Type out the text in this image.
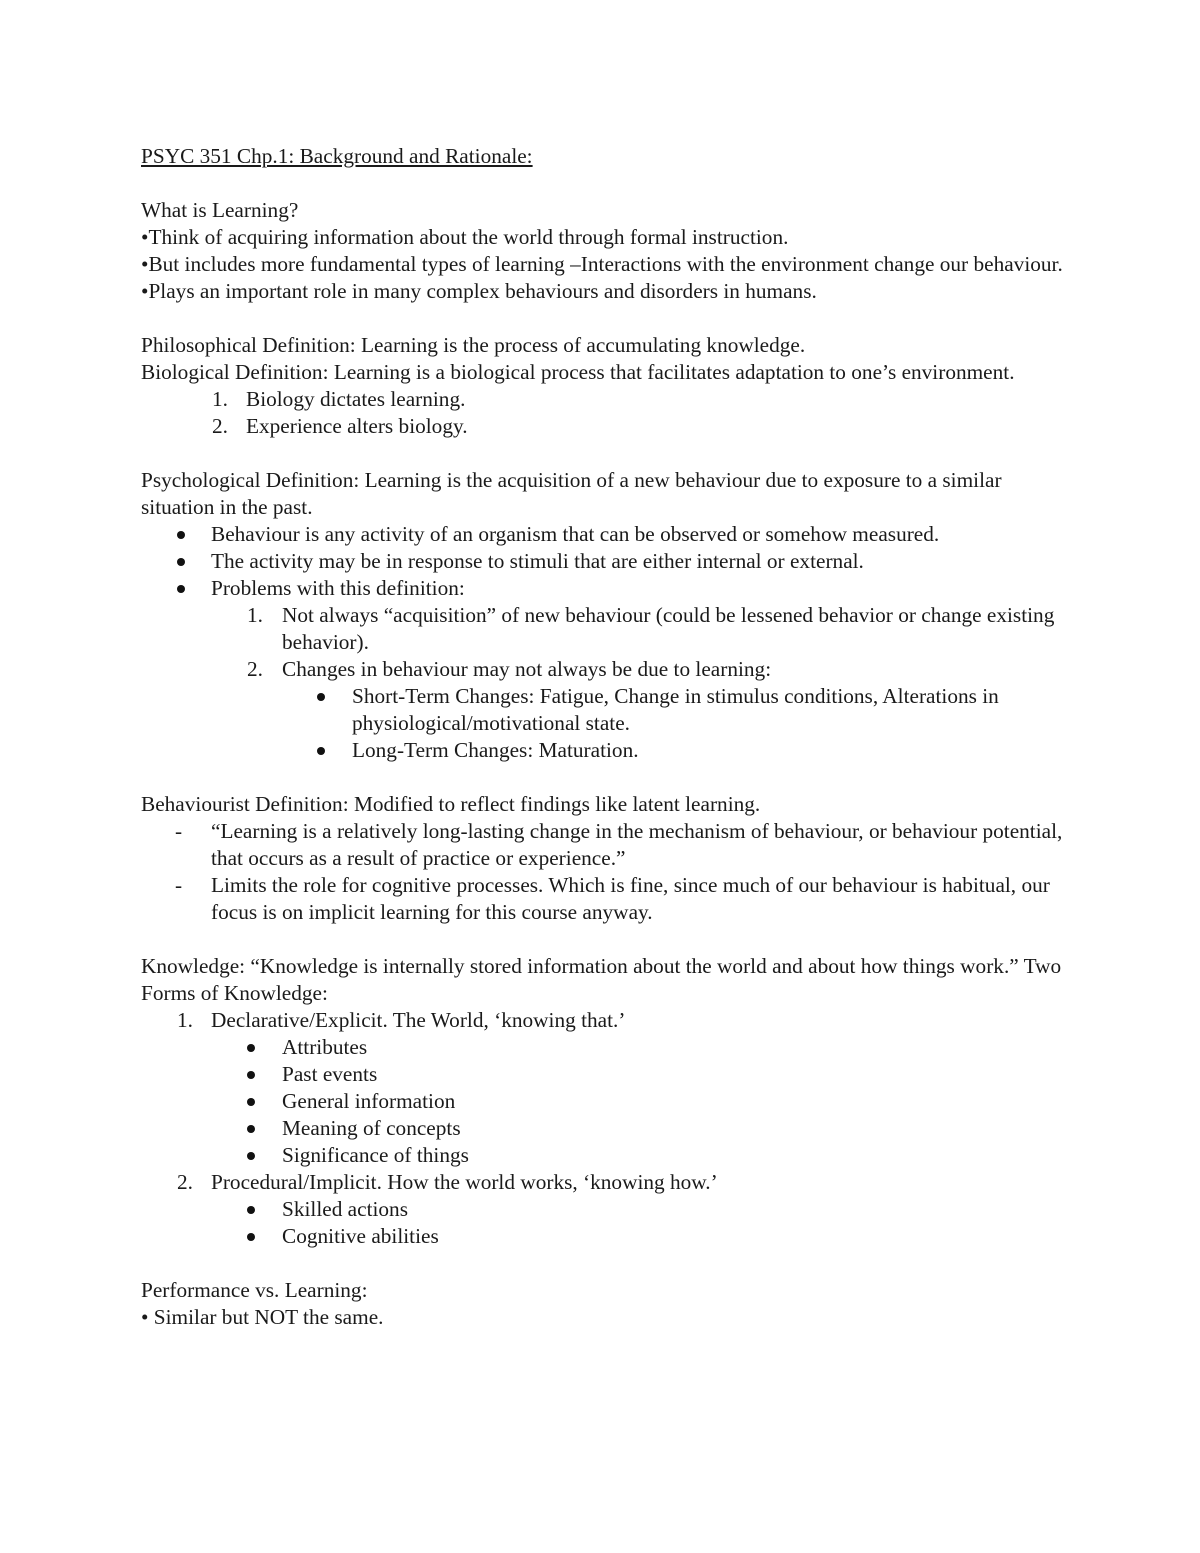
PSYC 351 Chp.1: Background and Rationale:
What is Learning?
•Think of acquiring information about the world through formal instruction.
•But includes more fundamental types of learning –Interactions with the environment change our behaviour.
•Plays an important role in many complex behaviours and disorders in humans.
Philosophical Definition: Learning is the process of accumulating knowledge.
Biological Definition: Learning is a biological process that facilitates adaptation to one’s environment.
1. Biology dictates learning.
2. Experience alters biology.
Psychological Definition: Learning is the acquisition of a new behaviour due to exposure to a similar situation in the past.
Behaviour is any activity of an organism that can be observed or somehow measured.
The activity may be in response to stimuli that are either internal or external.
Problems with this definition:
1. Not always “acquisition” of new behaviour (could be lessened behavior or change existing behavior).
2. Changes in behaviour may not always be due to learning:
Short-Term Changes: Fatigue, Change in stimulus conditions, Alterations in physiological/motivational state.
Long-Term Changes: Maturation.
Behaviourist Definition: Modified to reflect findings like latent learning.
- “Learning is a relatively long-lasting change in the mechanism of behaviour, or behaviour potential, that occurs as a result of practice or experience.”
- Limits the role for cognitive processes. Which is fine, since much of our behaviour is habitual, our focus is on implicit learning for this course anyway.
Knowledge: “Knowledge is internally stored information about the world and about how things work.” Two Forms of Knowledge:
1. Declarative/Explicit. The World, ‘knowing that.’
Attributes
Past events
General information
Meaning of concepts
Significance of things
2. Procedural/Implicit. How the world works, ‘knowing how.’
Skilled actions
Cognitive abilities
Performance vs. Learning:
• Similar but NOT the same.
